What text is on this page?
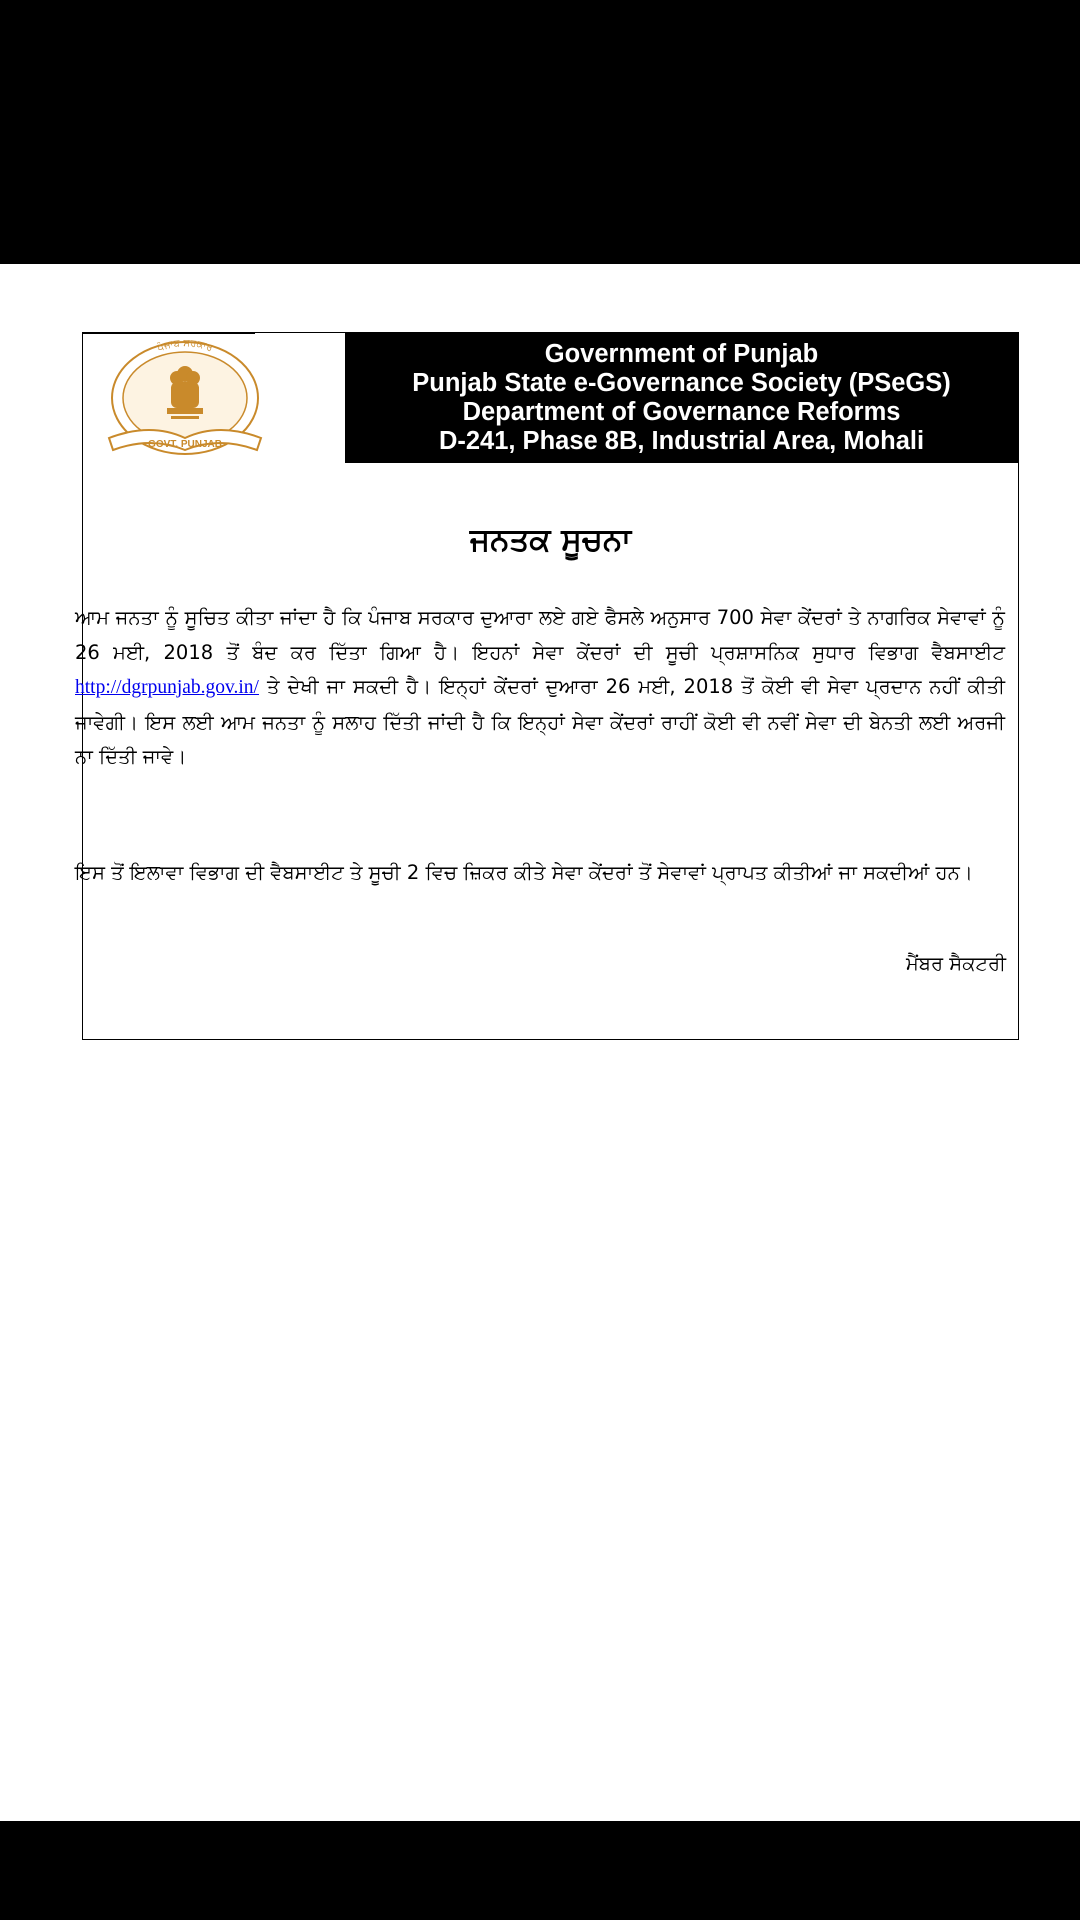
ਪੰਜਾਬ ਸਰਕਾਰ
GOVT. PUNJAB
Government of Punjab
Punjab State e-Governance Society (PSeGS)
Department of Governance Reforms
D-241, Phase 8B, Industrial Area, Mohali
ਜਨਤਕ ਸੂਚਨਾ
ਆਮ ਜਨਤਾ ਨੂੰ ਸੂਚਿਤ ਕੀਤਾ ਜਾਂਦਾ ਹੈ ਕਿ ਪੰਜਾਬ ਸਰਕਾਰ ਦੁਆਰਾ ਲਏ ਗਏ ਫੈਸਲੇ ਅਨੁਸਾਰ 700 ਸੇਵਾ ਕੇਂਦਰਾਂ ਤੇ ਨਾਗਰਿਕ ਸੇਵਾਵਾਂ ਨੂੰ 26 ਮਈ, 2018 ਤੋਂ ਬੰਦ ਕਰ ਦਿੱਤਾ ਗਿਆ ਹੈ। ਇਹਨਾਂ ਸੇਵਾ ਕੇਂਦਰਾਂ ਦੀ ਸੂਚੀ ਪ੍ਰਸ਼ਾਸਨਿਕ ਸੁਧਾਰ ਵਿਭਾਗ ਵੈਬਸਾਈਟ http://dgrpunjab.gov.in/ ਤੇ ਦੇਖੀ ਜਾ ਸਕਦੀ ਹੈ। ਇਨ੍ਹਾਂ ਕੇਂਦਰਾਂ ਦੁਆਰਾ 26 ਮਈ, 2018 ਤੋਂ ਕੋਈ ਵੀ ਸੇਵਾ ਪ੍ਰਦਾਨ ਨਹੀਂ ਕੀਤੀ ਜਾਵੇਗੀ। ਇਸ ਲਈ ਆਮ ਜਨਤਾ ਨੂੰ ਸਲਾਹ ਦਿੱਤੀ ਜਾਂਦੀ ਹੈ ਕਿ ਇਨ੍ਹਾਂ ਸੇਵਾ ਕੇਂਦਰਾਂ ਰਾਹੀਂ ਕੋਈ ਵੀ ਨਵੀਂ ਸੇਵਾ ਦੀ ਬੇਨਤੀ ਲਈ ਅਰਜੀ ਨਾ ਦਿੱਤੀ ਜਾਵੇ।
ਇਸ ਤੋਂ ਇਲਾਵਾ ਵਿਭਾਗ ਦੀ ਵੈਬਸਾਈਟ ਤੇ ਸੂਚੀ 2 ਵਿਚ ਜ਼ਿਕਰ ਕੀਤੇ ਸੇਵਾ ਕੇਂਦਰਾਂ ਤੋਂ ਸੇਵਾਵਾਂ ਪ੍ਰਾਪਤ ਕੀਤੀਆਂ ਜਾ ਸਕਦੀਆਂ ਹਨ।
ਮੈਂਬਰ ਸੈਕਟਰੀ
